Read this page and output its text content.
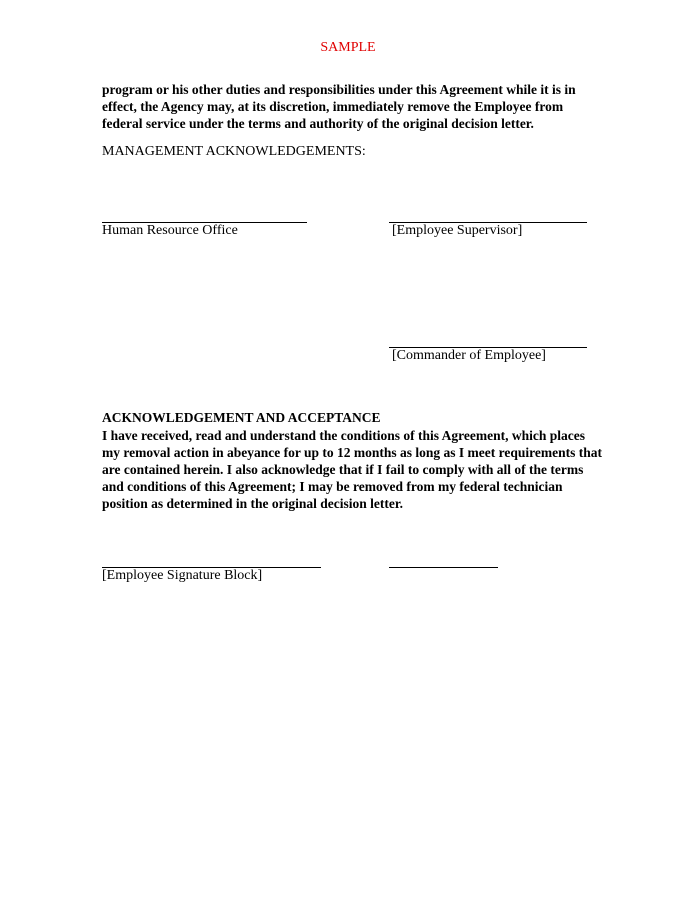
SAMPLE
program or his other duties and responsibilities under this Agreement while it is in effect, the Agency may, at its discretion, immediately remove the Employee from federal service under the terms and authority of the original decision letter.
MANAGEMENT ACKNOWLEDGEMENTS:
Human Resource Office	[Employee Supervisor]
[Commander of Employee]
ACKNOWLEDGEMENT AND ACCEPTANCE
I have received, read and understand the conditions of this Agreement, which places my removal action in abeyance for up to 12 months as long as I meet requirements that are contained herein. I also acknowledge that if I fail to comply with all of the terms and conditions of this Agreement; I may be removed from my federal technician position as determined in the original decision letter.
[Employee Signature Block]
